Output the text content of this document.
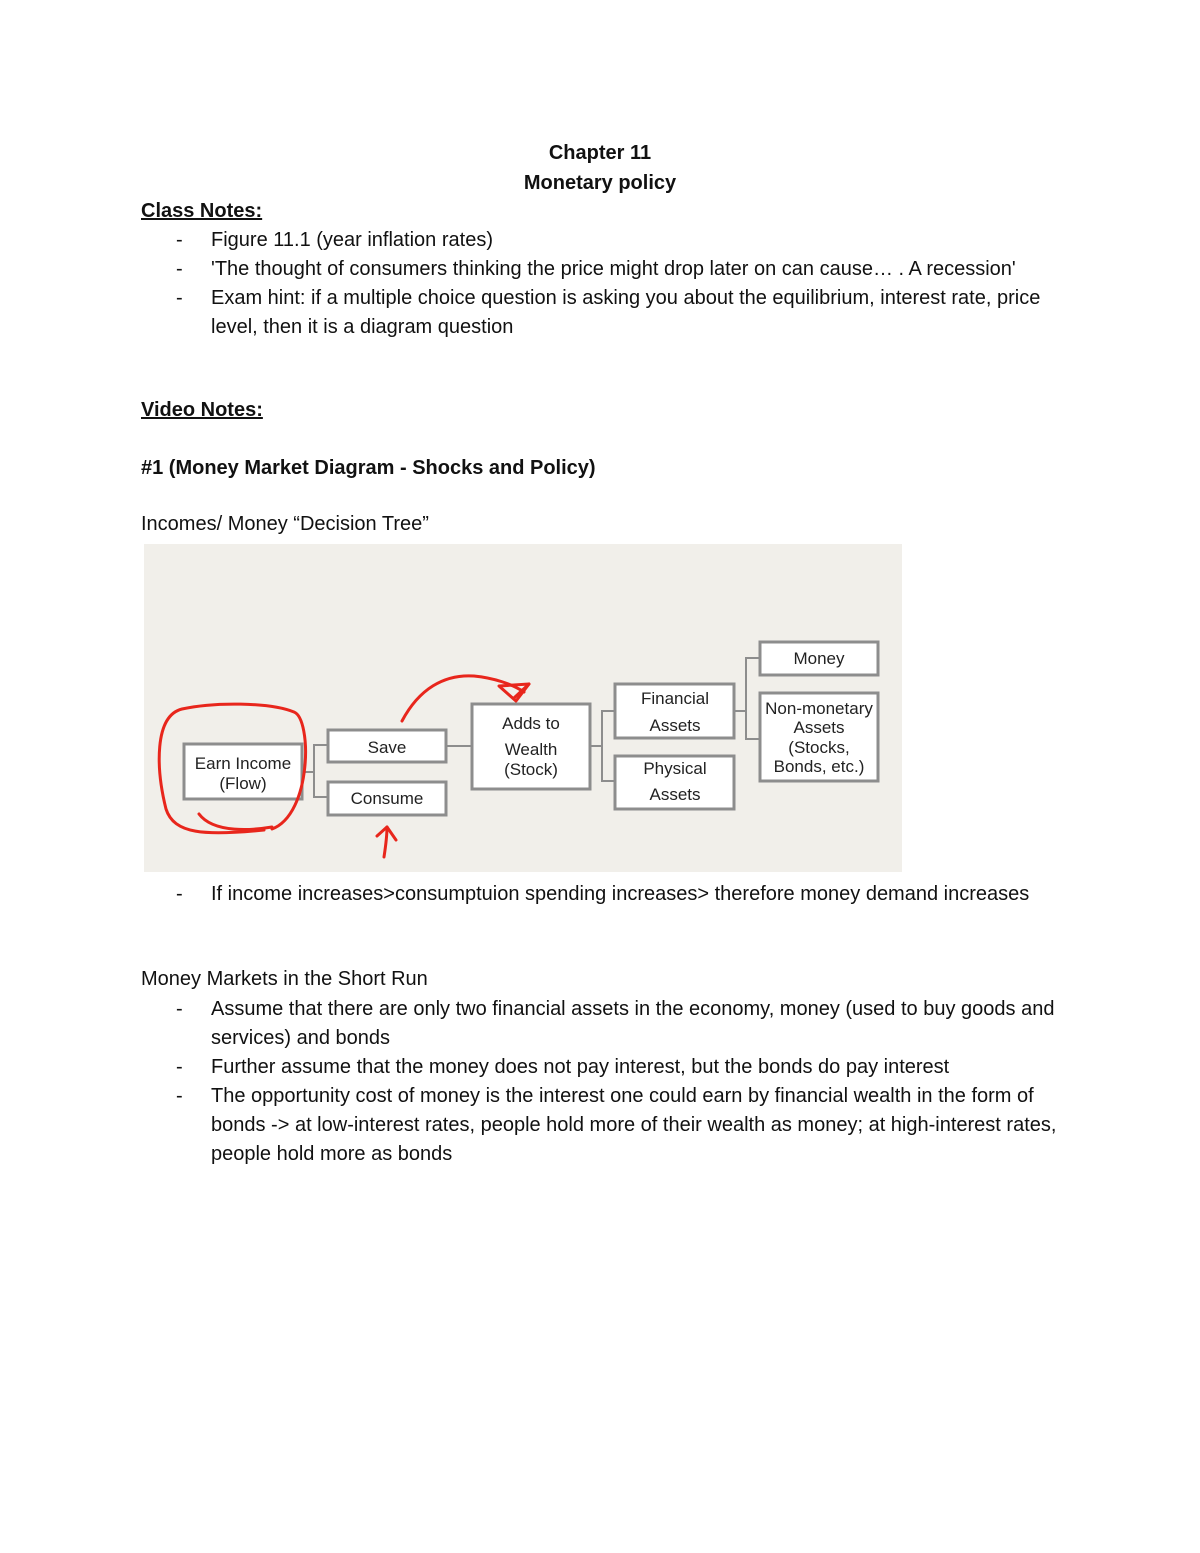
Chapter 11
Monetary policy
Class Notes:
- Figure 11.1 (year inflation rates)
- 'The thought of consumers thinking the price might drop later on can cause… . A recession'
- Exam hint: if a multiple choice question is asking you about the equilibrium, interest rate, price level, then it is a diagram question
Video Notes:
#1 (Money Market Diagram - Shocks and Policy)
Incomes/ Money “Decision Tree”
Earn Income
(Flow)
Save
Consume
Adds to
Wealth
(Stock)
Financial
Assets
Physical
Assets
Money
Non-monetary
Assets
(Stocks,
Bonds, etc.)
- If income increases>consumptuion spending increases> therefore money demand increases
Money Markets in the Short Run
- Assume that there are only two financial assets in the economy, money (used to buy goods and services) and bonds
- Further assume that the money does not pay interest, but the bonds do pay interest
- The opportunity cost of money is the interest one could earn by financial wealth in the form of bonds -> at low-interest rates, people hold more of their wealth as money; at high-interest rates, people hold more as bonds
